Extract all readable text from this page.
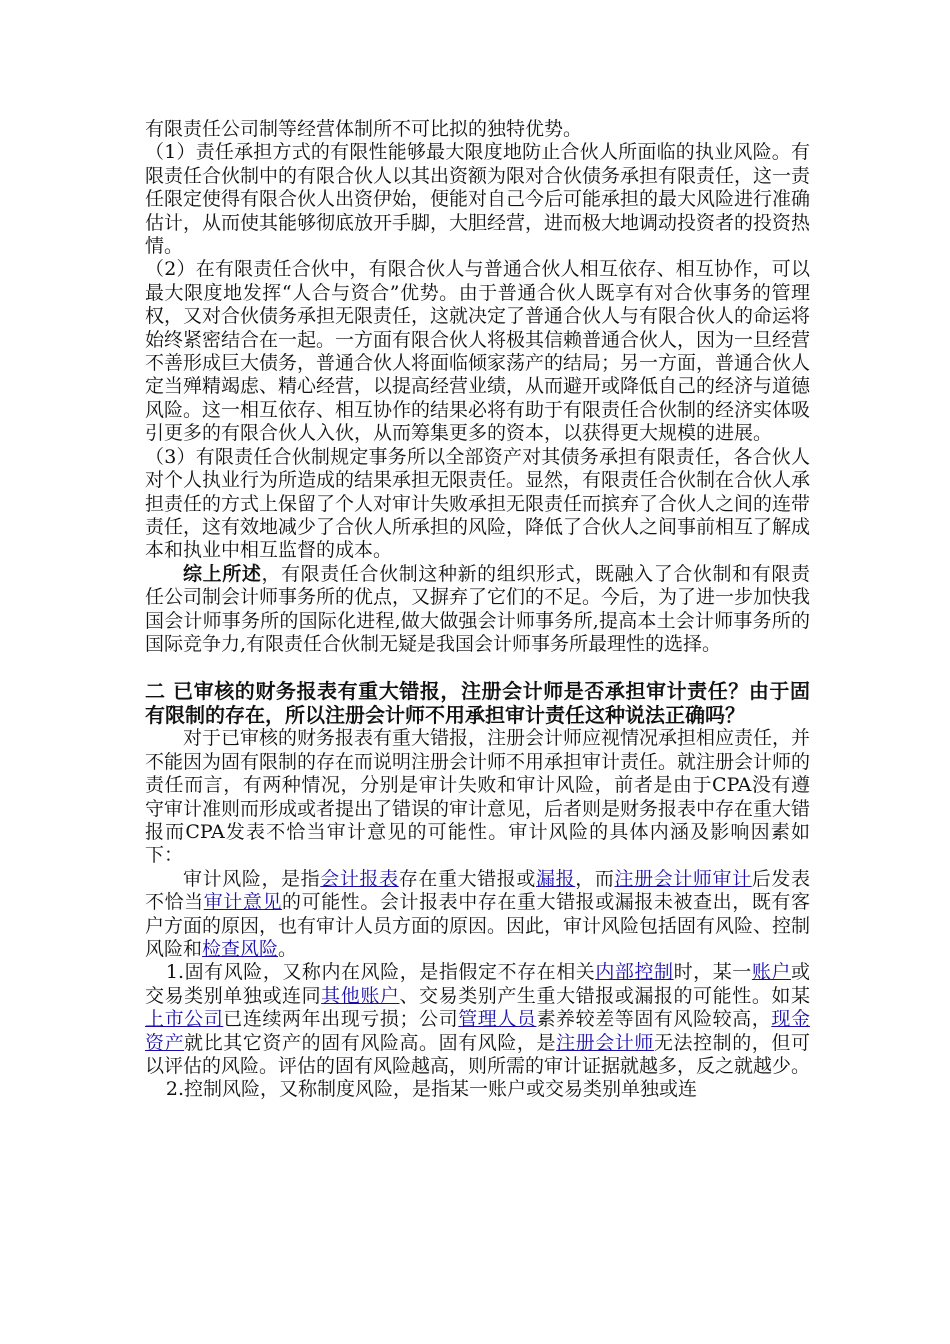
有限责任公司制等经营体制所不可比拟的独特优势。

（1）责任承担方式的有限性能够最大限度地防止合伙人所面临的执业风险。有限责任合伙制中的有限合伙人以其出资额为限对合伙债务承担有限责任，这一责任限定使得有限合伙人出资伊始，便能对自己今后可能承担的最大风险进行准确估计，从而使其能够彻底放开手脚，大胆经营，进而极大地调动投资者的投资热情。

（2）在有限责任合伙中，有限合伙人与普通合伙人相互依存、相互协作，可以最大限度地发挥“人合与资合”优势。由于普通合伙人既享有对合伙事务的管理权，又对合伙债务承担无限责任，这就决定了普通合伙人与有限合伙人的命运将始终紧密结合在一起。一方面有限合伙人将极其信赖普通合伙人，因为一旦经营不善形成巨大债务，普通合伙人将面临倾家荡产的结局；另一方面，普通合伙人定当殚精竭虑、精心经营，以提高经营业绩，从而避开或降低自己的经济与道德风险。这一相互依存、相互协作的结果必将有助于有限责任合伙制的经济实体吸引更多的有限合伙人入伙，从而筹集更多的资本，以获得更大规模的进展。

（3）有限责任合伙制规定事务所以全部资产对其债务承担有限责任，各合伙人对个人执业行为所造成的结果承担无限责任。显然，有限责任合伙制在合伙人承担责任的方式上保留了个人对审计失败承担无限责任而摈弃了合伙人之间的连带责任，这有效地减少了合伙人所承担的风险，降低了合伙人之间事前相互了解成本和执业中相互监督的成本。

综上所述，有限责任合伙制这种新的组织形式，既融入了合伙制和有限责任公司制会计师事务所的优点，又摒弃了它们的不足。今后，为了进一步加快我国会计师事务所的国际化进程,做大做强会计师事务所,提高本土会计师事务所的国际竞争力,有限责任合伙制无疑是我国会计师事务所最理性的选择。

二 已审核的财务报表有重大错报，注册会计师是否承担审计责任？由于固有限制的存在，所以注册会计师不用承担审计责任这种说法正确吗？

对于已审核的财务报表有重大错报，注册会计师应视情况承担相应责任，并不能因为固有限制的存在而说明注册会计师不用承担审计责任。就注册会计师的责任而言，有两种情况，分别是审计失败和审计风险，前者是由于CPA没有遵守审计准则而形成或者提出了错误的审计意见，后者则是财务报表中存在重大错报而CPA发表不恰当审计意见的可能性。审计风险的具体内涵及影响因素如下：

审计风险，是指会计报表存在重大错报或漏报，而注册会计师审计后发表不恰当审计意见的可能性。会计报表中存在重大错报或漏报未被查出，既有客户方面的原因，也有审计人员方面的原因。因此，审计风险包括固有风险、控制风险和检查风险。

1.固有风险，又称内在风险，是指假定不存在相关内部控制时，某一账户或交易类别单独或连同其他账户、交易类别产生重大错报或漏报的可能性。如某上市公司已连续两年出现亏损；公司管理人员素养较差等固有风险较高，现金资产就比其它资产的固有风险高。固有风险，是注册会计师无法控制的，但可以评估的风险。评估的固有风险越高，则所需的审计证据就越多，反之就越少。

2.控制风险，又称制度风险，是指某一账户或交易类别单独或连
